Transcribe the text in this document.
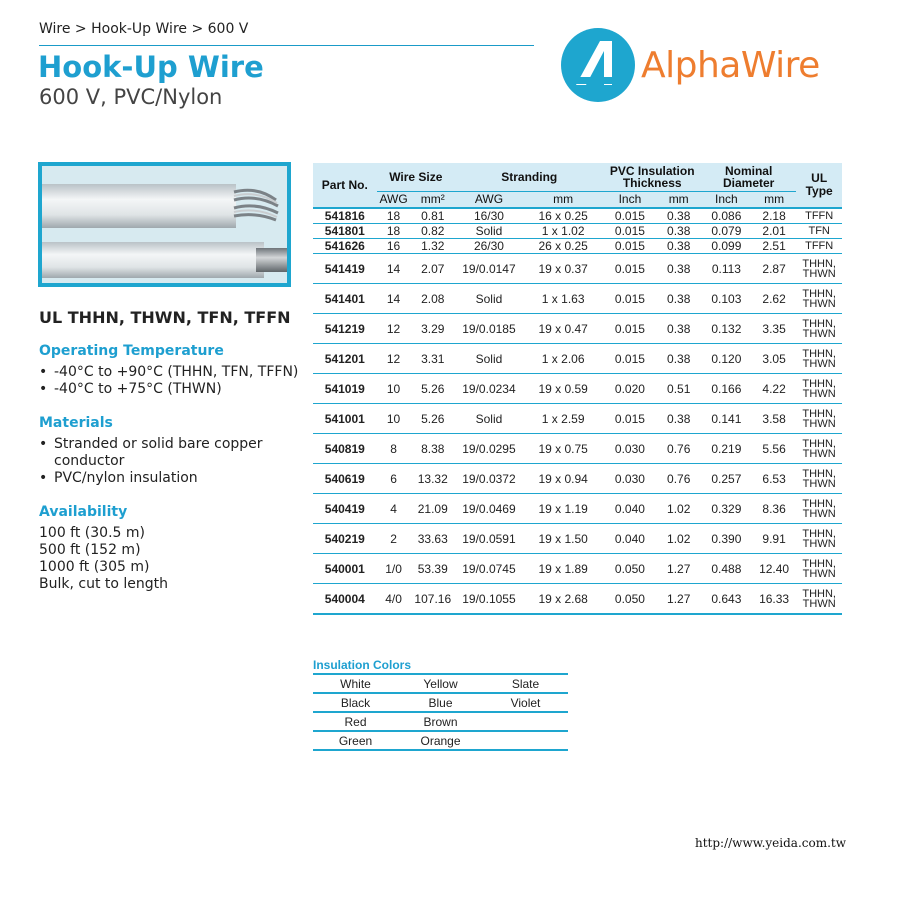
Wire > Hook-Up Wire > 600 V
Hook-Up Wire
600 V, PVC/Nylon
AlphaWire
UL THHN, THWN, TFN, TFFN
Operating Temperature
• -40°C to +90°C (THHN, TFN, TFFN)
• -40°C to +75°C (THWN)
Materials
• Stranded or solid bare copper conductor
• PVC/nylon insulation
Availability
100 ft (30.5 m)
500 ft (152 m)
1000 ft (305 m)
Bulk, cut to length
Part No.	Wire Size		Stranding		PVC Insulation Thickness		Nominal Diameter		UL Type
	AWG	mm²	AWG	mm	Inch	mm	Inch	mm	
541816	18	0.81	16/30	16 x 0.25	0.015	0.38	0.086	2.18	TFFN
541801	18	0.82	Solid	1 x 1.02	0.015	0.38	0.079	2.01	TFN
541626	16	1.32	26/30	26 x 0.25	0.015	0.38	0.099	2.51	TFFN
541419	14	2.07	19/0.0147	19 x 0.37	0.015	0.38	0.113	2.87	THHN, THWN
541401	14	2.08	Solid	1 x 1.63	0.015	0.38	0.103	2.62	THHN, THWN
541219	12	3.29	19/0.0185	19 x 0.47	0.015	0.38	0.132	3.35	THHN, THWN
541201	12	3.31	Solid	1 x 2.06	0.015	0.38	0.120	3.05	THHN, THWN
541019	10	5.26	19/0.0234	19 x 0.59	0.020	0.51	0.166	4.22	THHN, THWN
541001	10	5.26	Solid	1 x 2.59	0.015	0.38	0.141	3.58	THHN, THWN
540819	8	8.38	19/0.0295	19 x 0.75	0.030	0.76	0.219	5.56	THHN, THWN
540619	6	13.32	19/0.0372	19 x 0.94	0.030	0.76	0.257	6.53	THHN, THWN
540419	4	21.09	19/0.0469	19 x 1.19	0.040	1.02	0.329	8.36	THHN, THWN
540219	2	33.63	19/0.0591	19 x 1.50	0.040	1.02	0.390	9.91	THHN, THWN
540001	1/0	53.39	19/0.0745	19 x 1.89	0.050	1.27	0.488	12.40	THHN, THWN
540004	4/0	107.16	19/0.1055	19 x 2.68	0.050	1.27	0.643	16.33	THHN, THWN
Insulation Colors
White	Yellow	Slate
Black	Blue	Violet
Red	Brown	
Green	Orange	
http://www.yeida.com.tw
